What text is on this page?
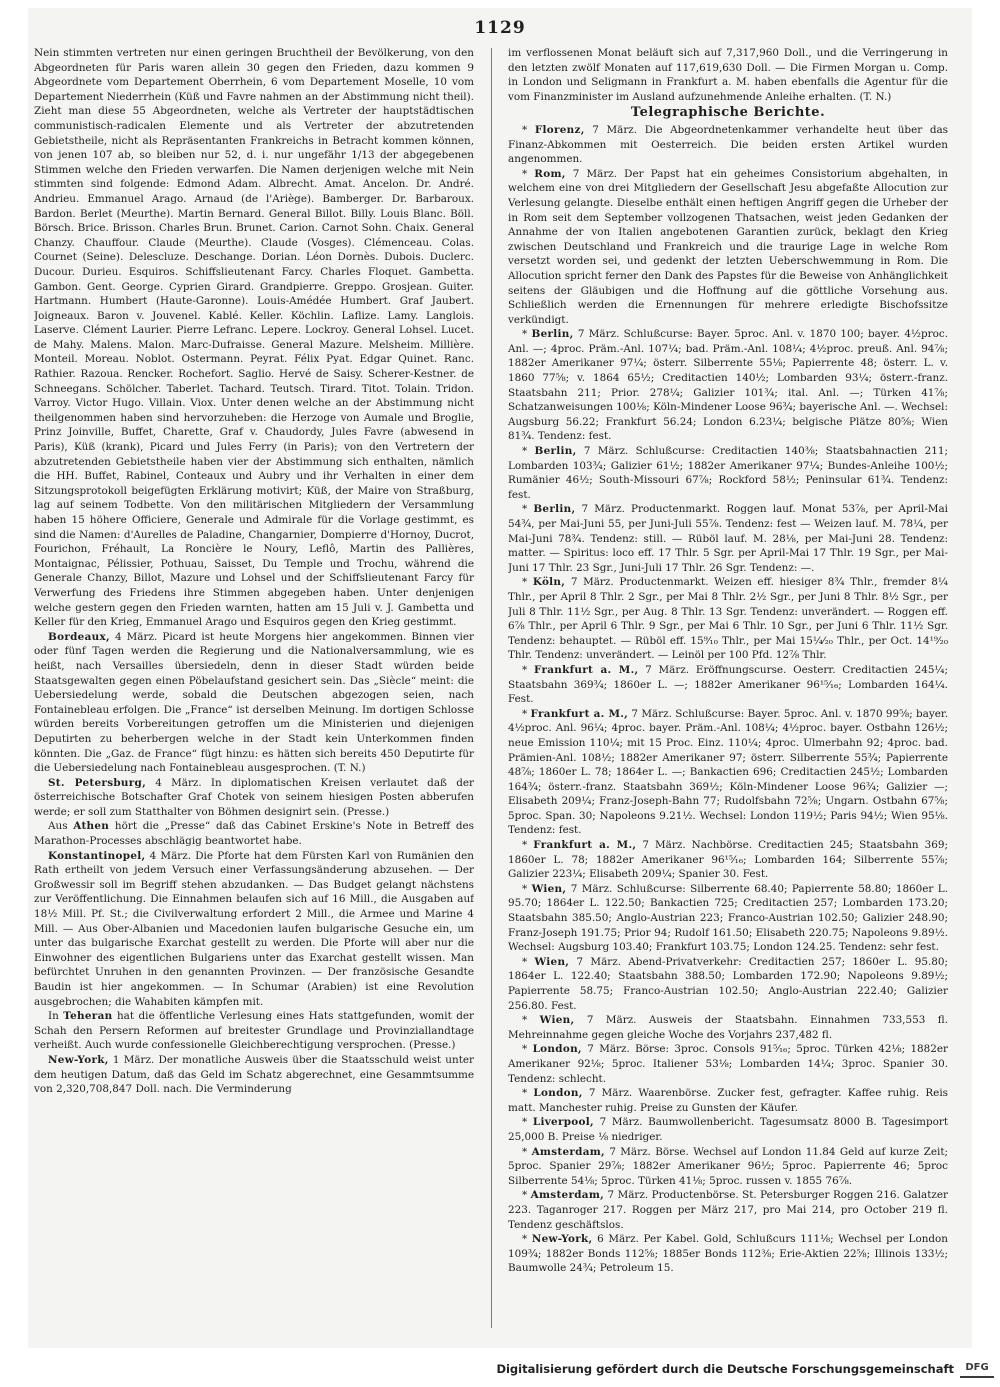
1129

Nein stimmten vertreten nur einen geringen Bruchtheil der Bevölkerung, von den Abgeordneten für Paris waren allein 30 gegen den Frieden, dazu kommen 9 Abgeordnete vom Departement Oberrhein, 6 vom Departement Moselle, 10 vom Departement Niederrhein (Küß und Favre nahmen an der Abstimmung nicht theil). Zieht man diese 55 Abgeordneten, welche als Vertreter der hauptstädtischen communistisch-radicalen Elemente und als Vertreter der abzutretenden Gebietstheile, nicht als Repräsentanten Frankreichs in Betracht kommen können, von jenen 107 ab, so bleiben nur 52, d. i. nur ungefähr 1/13 der abgegebenen Stimmen welche den Frieden verwarfen. Die Namen derjenigen welche mit Nein stimmten sind folgende: Edmond Adam. Albrecht. Amat. Ancelon. Dr. André. Andrieu. Emmanuel Arago. Arnaud (de l'Ariège). Bamberger. Dr. Barbaroux. Bardon. Berlet (Meurthe). Martin Bernard. General Billot. Billy. Louis Blanc. Böll. Börsch. Brice. Brisson. Charles Brun. Brunet. Carion. Carnot Sohn. Chaix. General Chanzy. Chauffour. Claude (Meurthe). Claude (Vosges). Clémenceau. Colas. Cournet (Seine). Delescluze. Deschange. Dorian. Léon Dornès. Dubois. Duclerc. Ducour. Durieu. Esquiros. Schiffslieutenant Farcy. Charles Floquet. Gambetta. Gambon. Gent. George. Cyprien Girard. Grandpierre. Greppo. Grosjean. Guiter. Hartmann. Humbert (Haute-Garonne). Louis-Amédée Humbert. Graf Jaubert. Joigneaux. Baron v. Jouvenel. Kablé. Keller. Köchlin. Laflize. Lamy. Langlois. Laserve. Clément Laurier. Pierre Lefranc. Lepere. Lockroy. General Lohsel. Lucet. de Mahy. Malens. Malon. Marc-Dufraisse. General Mazure. Melsheim. Millière. Monteil. Moreau. Noblot. Ostermann. Peyrat. Félix Pyat. Edgar Quinet. Ranc. Rathier. Razoua. Rencker. Rochefort. Saglio. Hervé de Saisy. Scherer-Kestner. de Schneegans. Schölcher. Taberlet. Tachard. Teutsch. Tirard. Titot. Tolain. Tridon. Varroy. Victor Hugo. Villain. Viox. Unter denen welche an der Abstimmung nicht theilgenommen haben sind hervorzuheben: die Herzoge von Aumale und Broglie, Prinz Joinville, Buffet, Charette, Graf v. Chaudordy, Jules Favre (abwesend in Paris), Küß (krank), Picard und Jules Ferry (in Paris); von den Vertretern der abzutretenden Gebietstheile haben vier der Abstimmung sich enthalten, nämlich die HH. Buffet, Rabinel, Conteaux und Aubry und ihr Verhalten in einer dem Sitzungsprotokoll beigefügten Erklärung motivirt; Küß, der Maire von Straßburg, lag auf seinem Todbette. Von den militärischen Mitgliedern der Versammlung haben 15 höhere Officiere, Generale und Admirale für die Vorlage gestimmt, es sind die Namen: d'Aurelles de Paladine, Changarnier, Dompierre d'Hornoy, Ducrot, Fourichon, Fréhault, La Roncière le Noury, Leflô, Martin des Pallières, Montaignac, Pélissier, Pothuau, Saisset, Du Temple und Trochu, während die Generale Chanzy, Billot, Mazure und Lohsel und der Schiffslieutenant Farcy für Verwerfung des Friedens ihre Stimmen abgegeben haben. Unter denjenigen welche gestern gegen den Frieden warnten, hatten am 15 Juli v. J. Gambetta und Keller für den Krieg, Emmanuel Arago und Esquiros gegen den Krieg gestimmt.

Bordeaux, 4 März. Picard ist heute Morgens hier angekommen. Binnen vier oder fünf Tagen werden die Regierung und die Nationalversammlung, wie es heißt, nach Versailles übersiedeln, denn in dieser Stadt würden beide Staatsgewalten gegen einen Pöbelaufstand gesichert sein. Das „Siècle“ meint: die Uebersiedelung werde, sobald die Deutschen abgezogen seien, nach Fontainebleau erfolgen. Die „France“ ist derselben Meinung. Im dortigen Schlosse würden bereits Vorbereitungen getroffen um die Ministerien und diejenigen Deputirten zu beherbergen welche in der Stadt kein Unterkommen finden könnten. Die „Gaz. de France“ fügt hinzu: es hätten sich bereits 450 Deputirte für die Uebersiedelung nach Fontainebleau ausgesprochen. (T. N.)

St. Petersburg, 4 März. In diplomatischen Kreisen verlautet daß der österreichische Botschafter Graf Chotek von seinem hiesigen Posten abberufen werde; er soll zum Statthalter von Böhmen designirt sein. (Presse.)

Aus Athen hört die „Presse“ daß das Cabinet Erskine's Note in Betreff des Marathon-Processes abschlägig beantwortet habe.

Konstantinopel, 4 März. Die Pforte hat dem Fürsten Karl von Rumänien den Rath ertheilt von jedem Versuch einer Verfassungsänderung abzusehen. — Der Großwessir soll im Begriff stehen abzudanken. — Das Budget gelangt nächstens zur Veröffentlichung. Die Einnahmen belaufen sich auf 16 Mill., die Ausgaben auf 18½ Mill. Pf. St.; die Civilverwaltung erfordert 2 Mill., die Armee und Marine 4 Mill. — Aus Ober-Albanien und Macedonien laufen bulgarische Gesuche ein, um unter das bulgarische Exarchat gestellt zu werden. Die Pforte will aber nur die Einwohner des eigentlichen Bulgariens unter das Exarchat gestellt wissen. Man befürchtet Unruhen in den genannten Provinzen. — Der französische Gesandte Baudin ist hier angekommen. — In Schumar (Arabien) ist eine Revolution ausgebrochen; die Wahabiten kämpfen mit.

In Teheran hat die öffentliche Verlesung eines Hats stattgefunden, womit der Schah den Persern Reformen auf breitester Grundlage und Provinziallandtage verheißt. Auch wurde confessionelle Gleichberechtigung versprochen. (Presse.)

New-York, 1 März. Der monatliche Ausweis über die Staatsschuld weist unter dem heutigen Datum, daß das Geld im Schatz abgerechnet, eine Gesammtsumme von 2,320,708,847 Doll. nach. Die Verminderung

im verflossenen Monat beläuft sich auf 7,317,960 Doll., und die Verringerung in den letzten zwölf Monaten auf 117,619,630 Doll. — Die Firmen Morgan u. Comp. in London und Seligmann in Frankfurt a. M. haben ebenfalls die Agentur für die vom Finanzminister im Ausland aufzunehmende Anleihe erhalten. (T. N.)

Telegraphische Berichte.

* Florenz, 7 März. Die Abgeordnetenkammer verhandelte heut über das Finanz-Abkommen mit Oesterreich. Die beiden ersten Artikel wurden angenommen.

* Rom, 7 März. Der Papst hat ein geheimes Consistorium abgehalten, in welchem eine von drei Mitgliedern der Gesellschaft Jesu abgefaßte Allocution zur Verlesung gelangte. Dieselbe enthält einen heftigen Angriff gegen die Urheber der in Rom seit dem September vollzogenen Thatsachen, weist jeden Gedanken der Annahme der von Italien angebotenen Garantien zurück, beklagt den Krieg zwischen Deutschland und Frankreich und die traurige Lage in welche Rom versetzt worden sei, und gedenkt der letzten Ueberschwemmung in Rom. Die Allocution spricht ferner den Dank des Papstes für die Beweise von Anhänglichkeit seitens der Gläubigen und die Hoffnung auf die göttliche Vorsehung aus. Schließlich werden die Ernennungen für mehrere erledigte Bischofssitze verkündigt.

* Berlin, 7 März. Schlußcurse: Bayer. 5proc. Anl. v. 1870 100; bayer. 4½proc. Anl. —; 4proc. Präm.-Anl. 107¼; bad. Präm.-Anl. 108¼; 4½proc. preuß. Anl. 94⅞; 1882er Amerikaner 97¼; österr. Silberrente 55⅛; Papierrente 48; österr. L. v. 1860 77⅝; v. 1864 65½; Creditactien 140½; Lombarden 93¼; österr.-franz. Staatsbahn 211; Prior. 278¼; Galizier 101¾; ital. Anl. —; Türken 41⅞; Schatzanweisungen 100⅛; Köln-Mindener Loose 96¾; bayerische Anl. —. Wechsel: Augsburg 56.22; Frankfurt 56.24; London 6.23¼; belgische Plätze 80⅝; Wien 81¾. Tendenz: fest.

* Berlin, 7 März. Schlußcurse: Creditactien 140⅜; Staatsbahnactien 211; Lombarden 103¾; Galizier 61½; 1882er Amerikaner 97¼; Bundes-Anleihe 100½; Rumänier 46½; South-Missouri 67⅞; Rockford 58½; Peninsular 61¾. Tendenz: fest.

* Berlin, 7 März. Productenmarkt. Roggen lauf. Monat 53⅞, per April-Mai 54¾, per Mai-Juni 55, per Juni-Juli 55⅞. Tendenz: fest — Weizen lauf. M. 78¼, per Mai-Juni 78¾. Tendenz: still. — Rüböl lauf. M. 28⅛, per Mai-Juni 28. Tendenz: matter. — Spiritus: loco eff. 17 Thlr. 5 Sgr. per April-Mai 17 Thlr. 19 Sgr., per Mai-Juni 17 Thlr. 23 Sgr., Juni-Juli 17 Thlr. 26 Sgr. Tendenz: —.

* Köln, 7 März. Productenmarkt. Weizen eff. hiesiger 8¾ Thlr., fremder 8¼ Thlr., per April 8 Thlr. 2 Sgr., per Mai 8 Thlr. 2½ Sgr., per Juni 8 Thlr. 8½ Sgr., per Juli 8 Thlr. 11½ Sgr., per Aug. 8 Thlr. 13 Sgr. Tendenz: unverändert. — Roggen eff. 6⅞ Thlr., per April 6 Thlr. 9 Sgr., per Mai 6 Thlr. 10 Sgr., per Juni 6 Thlr. 11½ Sgr. Tendenz: behauptet. — Rüböl eff. 15⁹⁄₁₀ Thlr., per Mai 15¼⁄₂₀ Thlr., per Oct. 14¹⁹⁄₂₀ Thlr. Tendenz: unverändert. — Leinöl per 100 Pfd. 12⅞ Thlr.

* Frankfurt a. M., 7 März. Eröffnungscurse. Oesterr. Creditactien 245¼; Staatsbahn 369¾; 1860er L. —; 1882er Amerikaner 96¹⁵⁄₁₆; Lombarden 164¼. Fest.

* Frankfurt a. M., 7 März. Schlußcurse: Bayer. 5proc. Anl. v. 1870 99⅝; bayer. 4½proc. Anl. 96¼; 4proc. bayer. Präm.-Anl. 108¼; 4½proc. bayer. Ostbahn 126½; neue Emission 110¼; mit 15 Proc. Einz. 110¼; 4proc. Ulmerbahn 92; 4proc. bad. Prämien-Anl. 108½; 1882er Amerikaner 97; österr. Silberrente 55¾; Papierrente 48⅞; 1860er L. 78; 1864er L. —; Bankactien 696; Creditactien 245½; Lombarden 164¾; österr.-franz. Staatsbahn 369½; Köln-Mindener Loose 96¾; Galizier —; Elisabeth 209¼; Franz-Joseph-Bahn 77; Rudolfsbahn 72⅝; Ungarn. Ostbahn 67⅝; 5proc. Span. 30; Napoleons 9.21½. Wechsel: London 119½; Paris 94½; Wien 95⅛. Tendenz: fest.

* Frankfurt a. M., 7 März. Nachbörse. Creditactien 245; Staatsbahn 369; 1860er L. 78; 1882er Amerikaner 96¹⁵⁄₁₆; Lombarden 164; Silberrente 55⅞; Galizier 223¼; Elisabeth 209¼; Spanier 30. Fest.

* Wien, 7 März. Schlußcurse: Silberrente 68.40; Papierrente 58.80; 1860er L. 95.70; 1864er L. 122.50; Bankactien 725; Creditactien 257; Lombarden 173.20; Staatsbahn 385.50; Anglo-Austrian 223; Franco-Austrian 102.50; Galizier 248.90; Franz-Joseph 191.75; Prior 94; Rudolf 161.50; Elisabeth 220.75; Napoleons 9.89½. Wechsel: Augsburg 103.40; Frankfurt 103.75; London 124.25. Tendenz: sehr fest.

* Wien, 7 März. Abend-Privatverkehr: Creditactien 257; 1860er L. 95.80; 1864er L. 122.40; Staatsbahn 388.50; Lombarden 172.90; Napoleons 9.89½; Papierrente 58.75; Franco-Austrian 102.50; Anglo-Austrian 222.40; Galizier 256.80. Fest.

* Wien, 7 März. Ausweis der Staatsbahn. Einnahmen 733,553 fl. Mehreinnahme gegen gleiche Woche des Vorjahrs 237,482 fl.

* London, 7 März. Börse: 3proc. Consols 91⁵⁄₁₆; 5proc. Türken 42⅛; 1882er Amerikaner 92⅛; 5proc. Italiener 53⅛; Lombarden 14¼; 3proc. Spanier 30. Tendenz: schlecht.

* London, 7 März. Waarenbörse. Zucker fest, gefragter. Kaffee ruhig. Reis matt. Manchester ruhig. Preise zu Gunsten der Käufer.

* Liverpool, 7 März. Baumwollenbericht. Tagesumsatz 8000 B. Tagesimport 25,000 B. Preise ⅛ niedriger.

* Amsterdam, 7 März. Börse. Wechsel auf London 11.84 Geld auf kurze Zeit; 5proc. Spanier 29⅞; 1882er Amerikaner 96½; 5proc. Papierrente 46; 5proc Silberrente 54⅛; 5proc. Türken 41⅛; 5proc. russen v. 1855 76⅞.

* Amsterdam, 7 März. Productenbörse. St. Petersburger Roggen 216. Galatzer 223. Taganroger 217. Roggen per März 217, pro Mai 214, pro October 219 fl. Tendenz geschäftslos.

* New-York, 6 März. Per Kabel. Gold, Schlußcurs 111⅛; Wechsel per London 109¾; 1882er Bonds 112⅝; 1885er Bonds 112⅜; Erie-Aktien 22⅝; Illinois 133½; Baumwolle 24¾; Petroleum 15.

Digitalisierung gefördert durch die Deutsche Forschungsgemeinschaft	DFG
